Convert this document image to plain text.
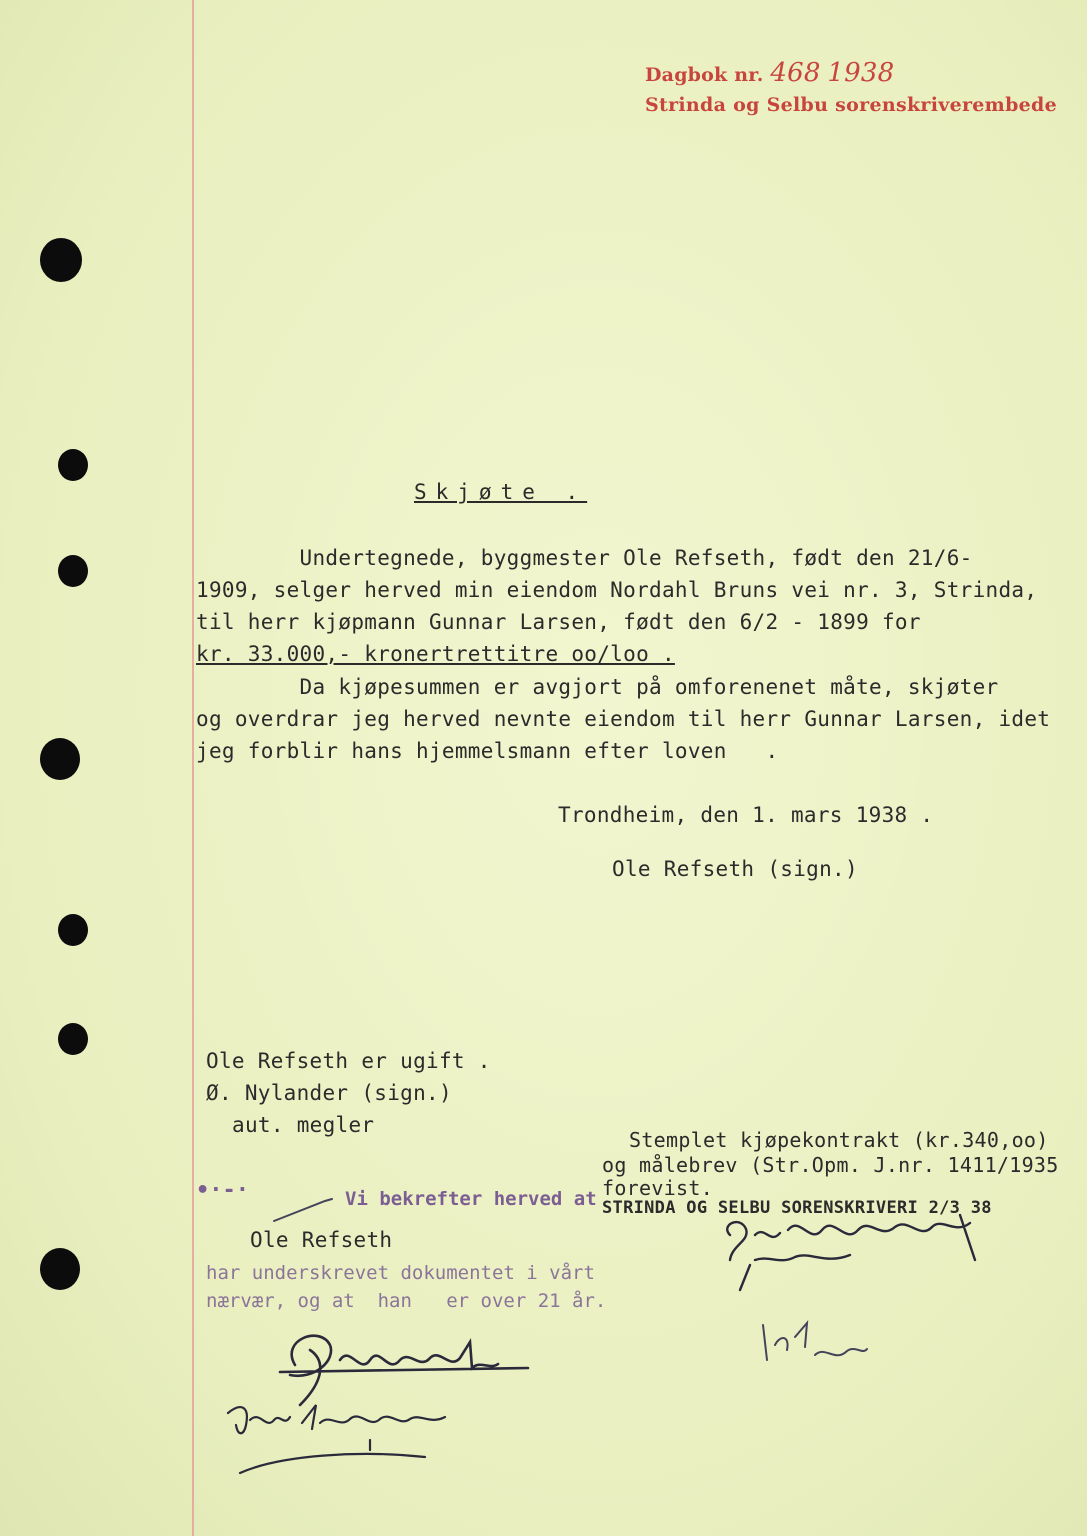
Dagbok nr. 468 1938
Strinda og Selbu sorenskriverembede
Skjøte .
Undertegnede, byggmester Ole Refseth, født den 21/6-
1909, selger herved min eiendom Nordahl Bruns vei nr. 3, Strinda,
til herr kjøpmann Gunnar Larsen, født den 6/2 - 1899 for
kr. 33.000,- kronertrettitre oo/loo .
Da kjøpesummen er avgjort på omforenenet måte, skjøter
og overdrar jeg herved nevnte eiendom til herr Gunnar Larsen, idet
jeg forblir hans hjemmelsmann efter loven   .
Trondheim, den 1. mars 1938 .
Ole Refseth (sign.)
Ole Refseth er ugift .
Ø. Nylander (sign.)
aut. megler
Stemplet kjøpekontrakt (kr.340,oo)
og målebrev (Str.Opm. J.nr. 1411/1935
forevist.
STRINDA OG SELBU SORENSKRIVERI 2/3 38
•·-·	Vi bekrefter herved at
Ole Refseth
har underskrevet dokumentet i vårt
nærvær, og at  han   er over 21 år.
